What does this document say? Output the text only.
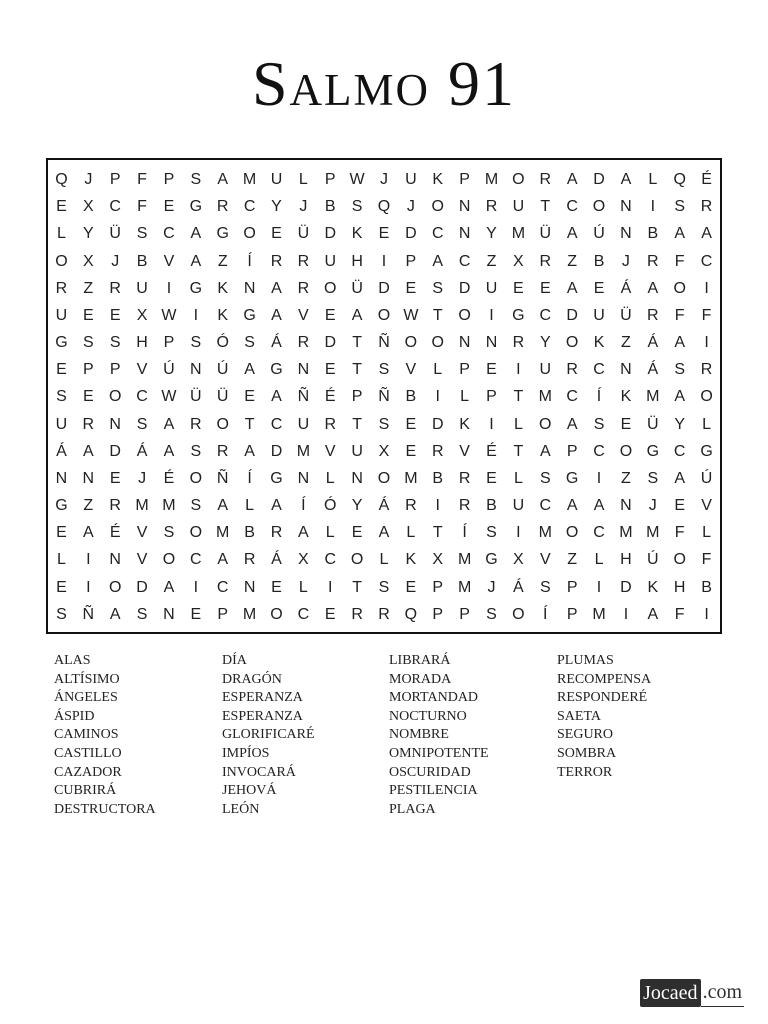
Salmo 91
Q	J	P	F	P	S	A M U	L	P W J	U K	P M O R A D A	L	Q É
E	X C	F	E G R C Y	J	B	S Q	J	O N R U	T	C O N	I	S R
L	Y Ü S C A G O E Ü D K	E D C N Y M Ü A Ú N B	A	A
O X	J	B	V	A	Z	Í	R R U H	I	P	A C	Z	X R	Z	B	J	R	F	C
R	Z	R U	I	G K N A R O Ü D E	S D U E	E	A	E	Á	A O	I
U E	E	X W	I	K G A	V	E	A O W T O	I	G C D U Ü R	F	F
G S	S H P	S Ó S	Á R D	T	Ñ O O N N R Y O K	Z	Á	A	I
E	P	P	V Ú N Ú A G N E	T	S	V	L	P	E	I	U R C N Á	S R
S	E O C W Ü Ü E	A Ñ É	P Ñ B	I	L	P	T M C	Í	K M A O
U R N S	A R O T	C U R	T	S	E D K	I	L	O A	S	E Ü Y	L
Á	A D Á	A	S R A D M V U X	E R V	É	T	A	P C O G C G
N N E	J	É O Ñ	Í	G N	L	N O M B R E	L	S G	I	Z	S	A Ú
G Z	R M M S	A	L	A	Í	Ó Y	Á R	I	R B U C A	A N	J	E	V
E	A	É	V	S O M B R A	L	E	A	L	T	Í	S	I	M O C M M F	L
L	I	N V O C A R Á	X C O	L	K	X M G X	V	Z	L	H Ú O F
E	I	O D A	I	C N E	L	I	T	S	E	P M	J	Á	S	P	I	D K H B
S Ñ A	S N E	P M O C E R R Q P	P	S O	Í	P M	I	A	F	I
ALAS
ALTÍSIMO
ÁNGELES
ÁSPID
CAMINOS
CASTILLO
CAZADOR
CUBRIRÁ
DESTRUCTORA
DÍA
DRAGÓN
ESPERANZA
ESPERANZA
GLORIFICARÉ
IMPÍOS
INVOCARÁ
JEHOVÁ
LEÓN
LIBRARÁ
MORADA
MORTANDAD
NOCTURNO
NOMBRE
OMNIPOTENTE
OSCURIDAD
PESTILENCIA
PLAGA
PLUMAS
RECOMPENSA
RESPONDERÉ
SAETA
SEGURO
SOMBRA
TERROR
Jocaed .com
